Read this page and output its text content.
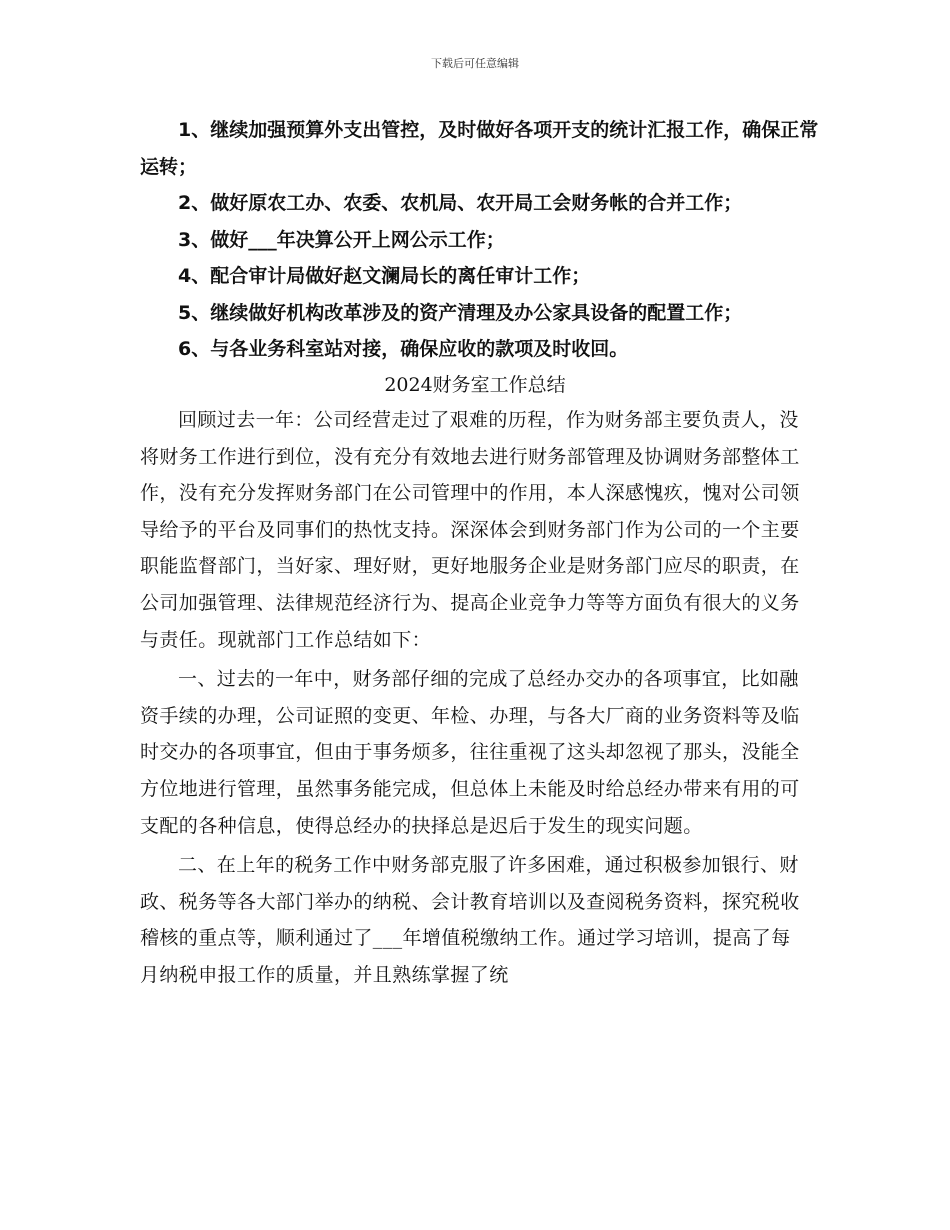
下载后可任意编辑

1、继续加强预算外支出管控，及时做好各项开支的统计汇报工作，确保正常运转；

2、做好原农工办、农委、农机局、农开局工会财务帐的合并工作；

3、做好___年决算公开上网公示工作；

4、配合审计局做好赵文澜局长的离任审计工作；

5、继续做好机构改革涉及的资产清理及办公家具设备的配置工作；

6、与各业务科室站对接，确保应收的款项及时收回。

2024财务室工作总结

回顾过去一年：公司经营走过了艰难的历程，作为财务部主要负责人，没将财务工作进行到位，没有充分有效地去进行财务部管理及协调财务部整体工作，没有充分发挥财务部门在公司管理中的作用，本人深感愧疚，愧对公司领导给予的平台及同事们的热忱支持。深深体会到财务部门作为公司的一个主要职能监督部门，当好家、理好财，更好地服务企业是财务部门应尽的职责，在公司加强管理、法律规范经济行为、提高企业竞争力等等方面负有很大的义务与责任。现就部门工作总结如下：

一、过去的一年中，财务部仔细的完成了总经办交办的各项事宜，比如融资手续的办理，公司证照的变更、年检、办理，与各大厂商的业务资料等及临时交办的各项事宜，但由于事务烦多，往往重视了这头却忽视了那头，没能全方位地进行管理，虽然事务能完成，但总体上未能及时给总经办带来有用的可支配的各种信息，使得总经办的抉择总是迟后于发生的现实问题。

二、在上年的税务工作中财务部克服了许多困难，通过积极参加银行、财政、税务等各大部门举办的纳税、会计教育培训以及查阅税务资料，探究税收稽核的重点等，顺利通过了___年增值税缴纳工作。通过学习培训，提高了每月纳税申报工作的质量，并且熟练掌握了统
